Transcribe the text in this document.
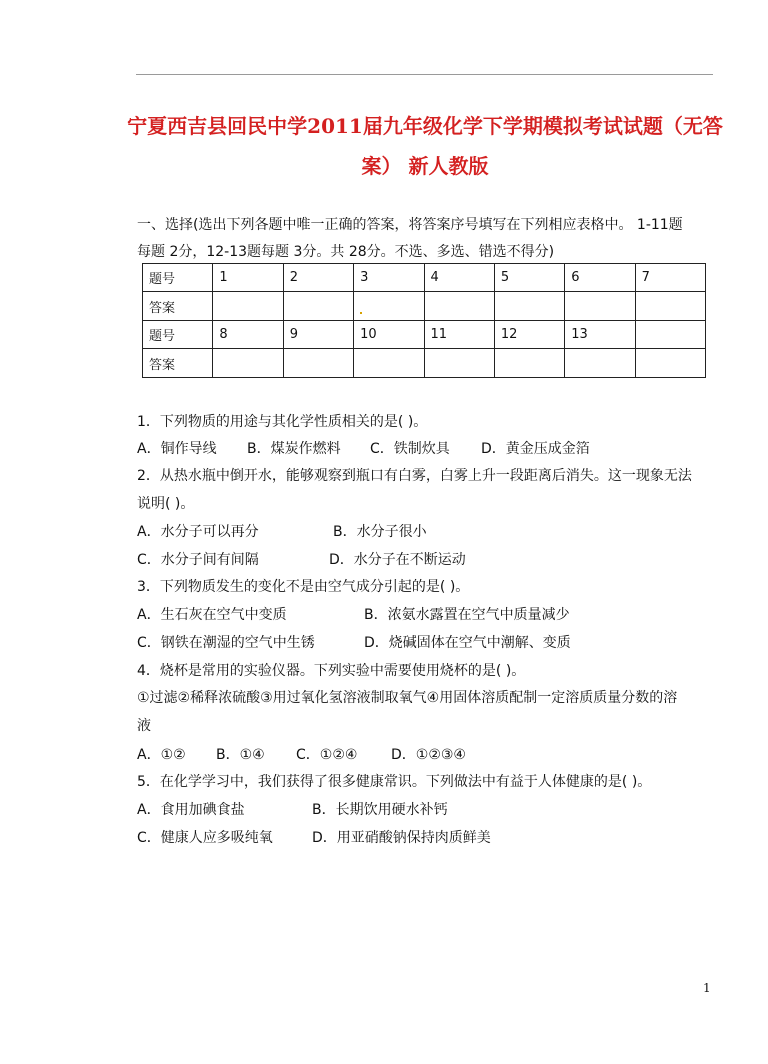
宁夏西吉县回民中学2011届九年级化学下学期模拟考试试题（无答
案） 新人教版
一、选择(选出下列各题中唯一正确的答案，将答案序号填写在下列相应表格中。 1-11题
每题 2分，12-13题每题 3分。共 28分。不选、多选、错选不得分)
题号	1	2	3	4	5	6	7
答案							
题号	8	9	10	11	12	13	
答案							
1．下列物质的用途与其化学性质相关的是( )。
A．铜作导线 B．煤炭作燃料 C．铁制炊具 D．黄金压成金箔
2．从热水瓶中倒开水，能够观察到瓶口有白雾，白雾上升一段距离后消失。这一现象无法
说明( )。
A．水分子可以再分	B．水分子很小
C．水分子间有间隔	D．水分子在不断运动
3．下列物质发生的变化不是由空气成分引起的是( )。
A．生石灰在空气中变质	B．浓氨水露置在空气中质量减少
C．钢铁在潮湿的空气中生锈	D．烧碱固体在空气中潮解、变质
4．烧杯是常用的实验仪器。下列实验中需要使用烧杯的是( )。
①过滤②稀释浓硫酸③用过氧化氢溶液制取氧气④用固体溶质配制一定溶质质量分数的溶
液
A．①② B．①④ C．①②④ D．①②③④
5．在化学学习中，我们获得了很多健康常识。下列做法中有益于人体健康的是( )。
A．食用加碘食盐	B．长期饮用硬水补钙
C．健康人应多吸纯氧	D．用亚硝酸钠保持肉质鲜美
1
